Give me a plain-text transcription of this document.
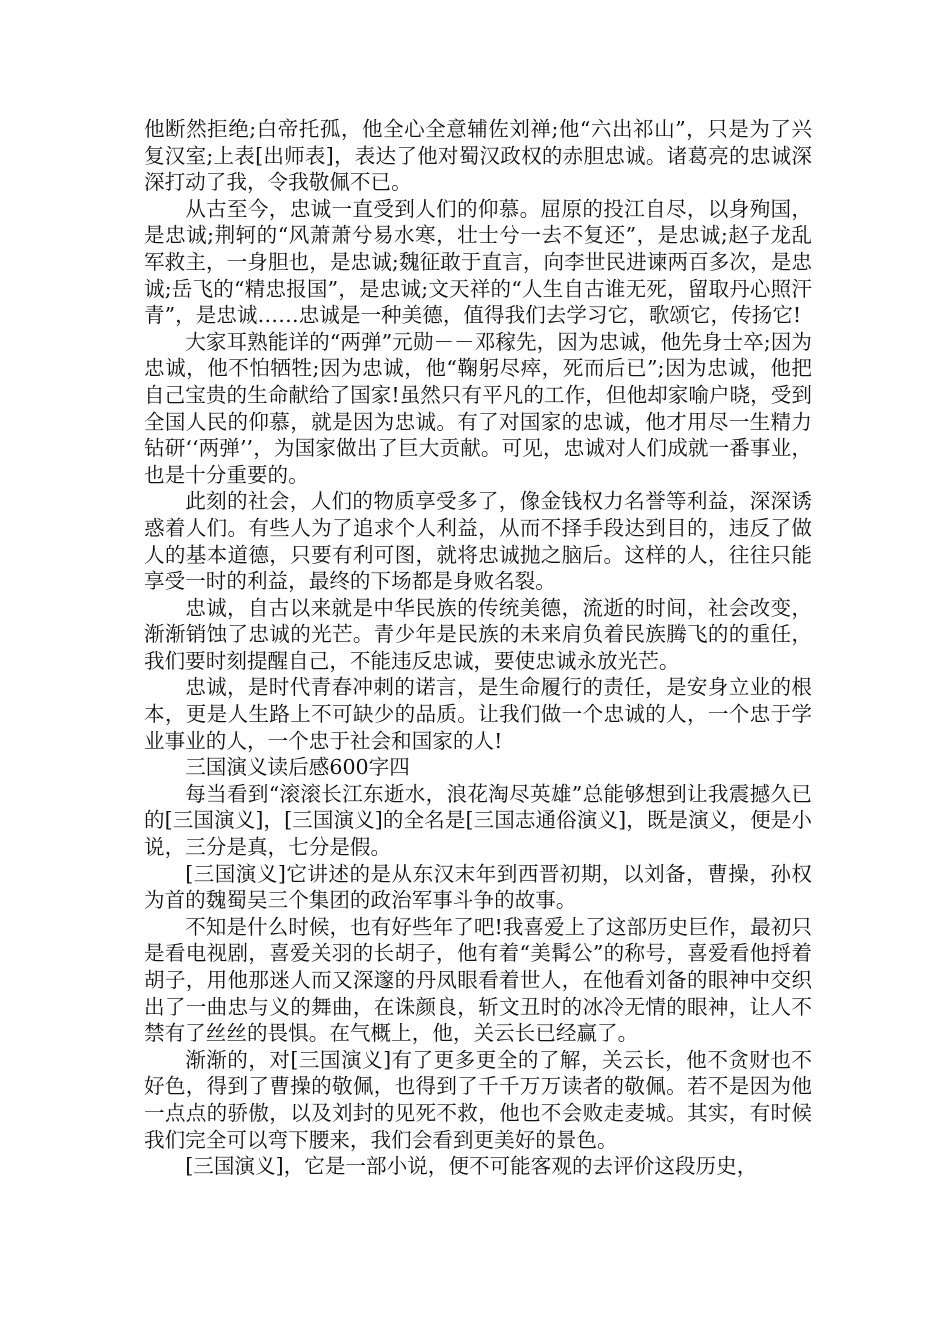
他断然拒绝;白帝托孤，他全心全意辅佐刘禅;他“六出祁山”，只是为了兴复汉室;上表[出师表]，表达了他对蜀汉政权的赤胆忠诚。诸葛亮的忠诚深深打动了我，令我敬佩不已。

从古至今，忠诚一直受到人们的仰慕。屈原的投江自尽，以身殉国，是忠诚;荆轲的“风萧萧兮易水寒，壮士兮一去不复还”，是忠诚;赵子龙乱军救主，一身胆也，是忠诚;魏征敢于直言，向李世民进谏两百多次，是忠诚;岳飞的“精忠报国”，是忠诚;文天祥的“人生自古谁无死，留取丹心照汗青”，是忠诚……忠诚是一种美德，值得我们去学习它，歌颂它，传扬它!

大家耳熟能详的“两弹”元勋－－邓稼先，因为忠诚，他先身士卒;因为忠诚，他不怕牺牲;因为忠诚，他“鞠躬尽瘁，死而后已”;因为忠诚，他把自己宝贵的生命献给了国家!虽然只有平凡的工作，但他却家喻户晓，受到全国人民的仰慕，就是因为忠诚。有了对国家的忠诚，他才用尽一生精力钻研‘‘两弹’’，为国家做出了巨大贡献。可见，忠诚对人们成就一番事业，也是十分重要的。

此刻的社会，人们的物质享受多了，像金钱权力名誉等利益，深深诱惑着人们。有些人为了追求个人利益，从而不择手段达到目的，违反了做人的基本道德，只要有利可图，就将忠诚抛之脑后。这样的人，往往只能享受一时的利益，最终的下场都是身败名裂。

忠诚，自古以来就是中华民族的传统美德，流逝的时间，社会改变，渐渐销蚀了忠诚的光芒。青少年是民族的未来肩负着民族腾飞的的重任，我们要时刻提醒自己，不能违反忠诚，要使忠诚永放光芒。

忠诚，是时代青春冲刺的诺言，是生命履行的责任，是安身立业的根本，更是人生路上不可缺少的品质。让我们做一个忠诚的人，一个忠于学业事业的人，一个忠于社会和国家的人!

三国演义读后感600字四

每当看到“滚滚长江东逝水，浪花淘尽英雄”总能够想到让我震撼久已的[三国演义]，[三国演义]的全名是[三国志通俗演义]，既是演义，便是小说，三分是真，七分是假。

[三国演义]它讲述的是从东汉末年到西晋初期，以刘备，曹操，孙权为首的魏蜀吴三个集团的政治军事斗争的故事。

不知是什么时候，也有好些年了吧!我喜爱上了这部历史巨作，最初只是看电视剧，喜爱关羽的长胡子，他有着“美髯公”的称号，喜爱看他捋着胡子，用他那迷人而又深邃的丹凤眼看着世人，在他看刘备的眼神中交织出了一曲忠与义的舞曲，在诛颜良，斩文丑时的冰冷无情的眼神，让人不禁有了丝丝的畏惧。在气概上，他，关云长已经赢了。

渐渐的，对[三国演义]有了更多更全的了解，关云长，他不贪财也不好色，得到了曹操的敬佩，也得到了千千万万读者的敬佩。若不是因为他一点点的骄傲，以及刘封的见死不救，他也不会败走麦城。其实，有时候我们完全可以弯下腰来，我们会看到更美好的景色。

[三国演义]，它是一部小说，便不可能客观的去评价这段历史，
